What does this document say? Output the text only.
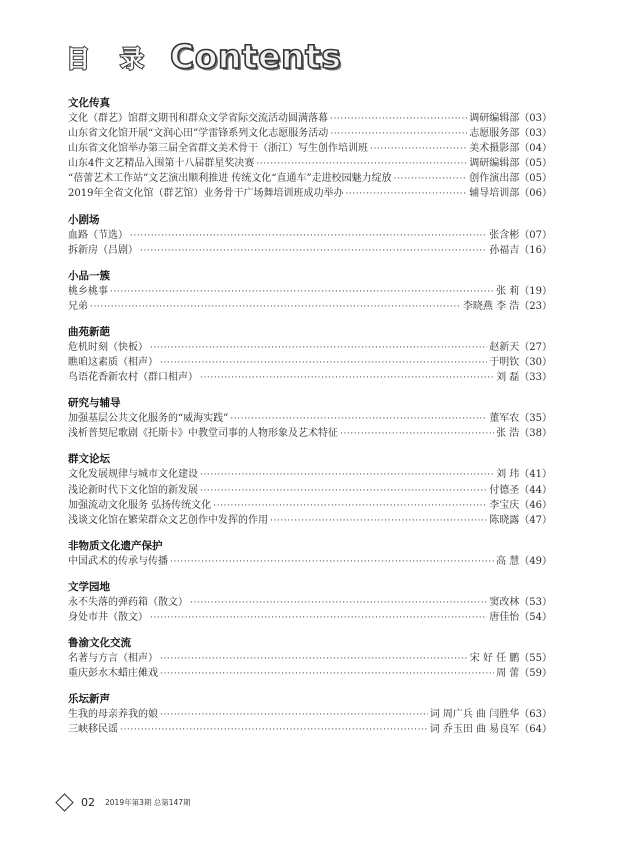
目 录 Contents
文化传真
文化（群艺）馆群文期刊和群众文学省际交流活动圆满落幕 ·····	调研编辑部（03）
山东省文化馆开展“文润心田”学雷锋系列文化志愿服务活动 ·····	志愿服务部（03）
山东省文化馆举办第三届全省群文美术骨干（浙江）写生创作培训班 ·····	美术摄影部（04）
山东4件文艺精品入围第十八届群星奖决赛 ·····	调研编辑部（05）
“蓓蕾艺术工作站”文艺演出顺利推进 传统文化“直通车”走进校园魅力绽放 ·····	创作演出部（05）
2019年全省文化馆（群艺馆）业务骨干广场舞培训班成功举办 ·····	辅导培训部（06）
小剧场
血路（节选） ·····	张含彬（07）
拆新房（吕剧） ·····	孙福吉（16）
小品一簇
桃乡桃事 ·····	张 莉（19）
兄弟 ·····	李晓燕 李 浩（23）
曲苑新葩
危机时刻（快板） ·····	赵新天（27）
瞧咱这素质（相声） ·····	于明钦（30）
鸟语花香新农村（群口相声） ·····	刘 磊（33）
研究与辅导
加强基层公共文化服务的“威海实践” ·····	董军农（35）
浅析普契尼歌剧《托斯卡》中教堂司事的人物形象及艺术特征 ·····	张 浩（38）
群文论坛
文化发展规律与城市文化建设 ·····	刘 玮（41）
浅论新时代下文化馆的新发展 ·····	付德圣（44）
加强流动文化服务 弘扬传统文化 ·····	李宝庆（46）
浅谈文化馆在繁荣群众文艺创作中发挥的作用 ·····	陈晓露（47）
非物质文化遗产保护
中国武术的传承与传播 ·····	高 慧（49）
文学园地
永不失落的弹药箱（散文） ·····	窦改林（53）
身处市井（散文） ·····	唐佳怡（54）
鲁渝文化交流
名著与方言（相声） ·····	宋 好 任 鹏（55）
重庆彭水木蜡庄傩戏 ·····	周 蕾（59）
乐坛新声
生我的母亲养我的娘 ·····	词 周广兵 曲 闫胜华（63）
三峡移民谣 ·····	词 乔玉田 曲 易良军（64）
02 2019年第3期 总第147期
